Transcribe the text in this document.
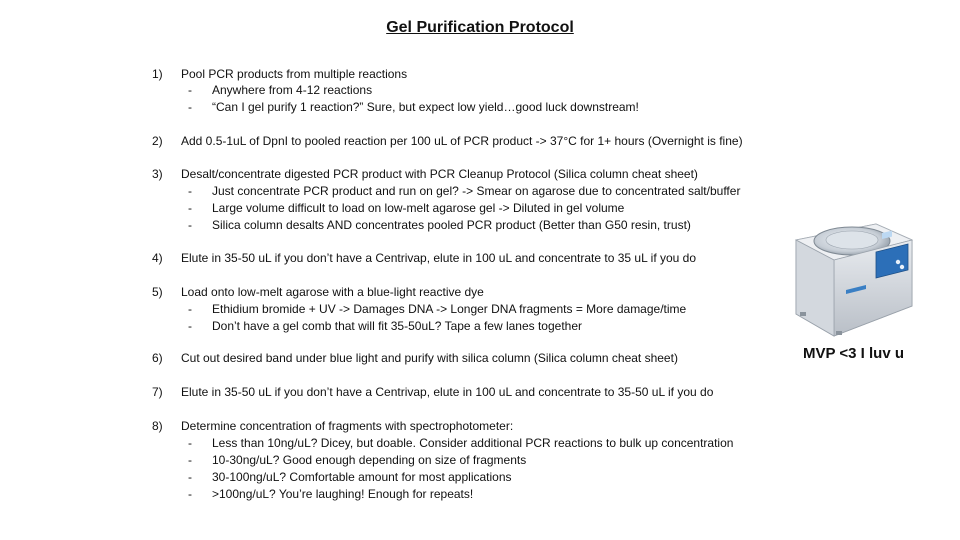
Gel Purification Protocol
1) Pool PCR products from multiple reactions
- Anywhere from 4-12 reactions
- “Can I gel purify 1 reaction?” Sure, but expect low yield…good luck downstream!
2) Add 0.5-1uL of DpnI to pooled reaction per 100 uL of PCR product -> 37°C for 1+ hours (Overnight is fine)
3) Desalt/concentrate digested PCR product with PCR Cleanup Protocol (Silica column cheat sheet)
- Just concentrate PCR product and run on gel? -> Smear on agarose due to concentrated salt/buffer
- Large volume difficult to load on low-melt agarose gel -> Diluted in gel volume
- Silica column desalts AND concentrates pooled PCR product (Better than G50 resin, trust)
4) Elute in 35-50 uL if you don’t have a Centrivap, elute in 100 uL and concentrate to 35 uL if you do
5) Load onto low-melt agarose with a blue-light reactive dye
- Ethidium bromide + UV -> Damages DNA -> Longer DNA fragments = More damage/time
- Don’t have a gel comb that will fit 35-50uL? Tape a few lanes together
6) Cut out desired band under blue light and purify with silica column (Silica column cheat sheet)
7) Elute in 35-50 uL if you don’t have a Centrivap, elute in 100 uL and concentrate to 35-50 uL if you do
8) Determine concentration of fragments with spectrophotometer:
- Less than 10ng/uL? Dicey, but doable. Consider additional PCR reactions to bulk up concentration
- 10-30ng/uL? Good enough depending on size of fragments
- 30-100ng/uL? Comfortable amount for most applications
- >100ng/uL? You’re laughing! Enough for repeats!
MVP <3 I luv u
